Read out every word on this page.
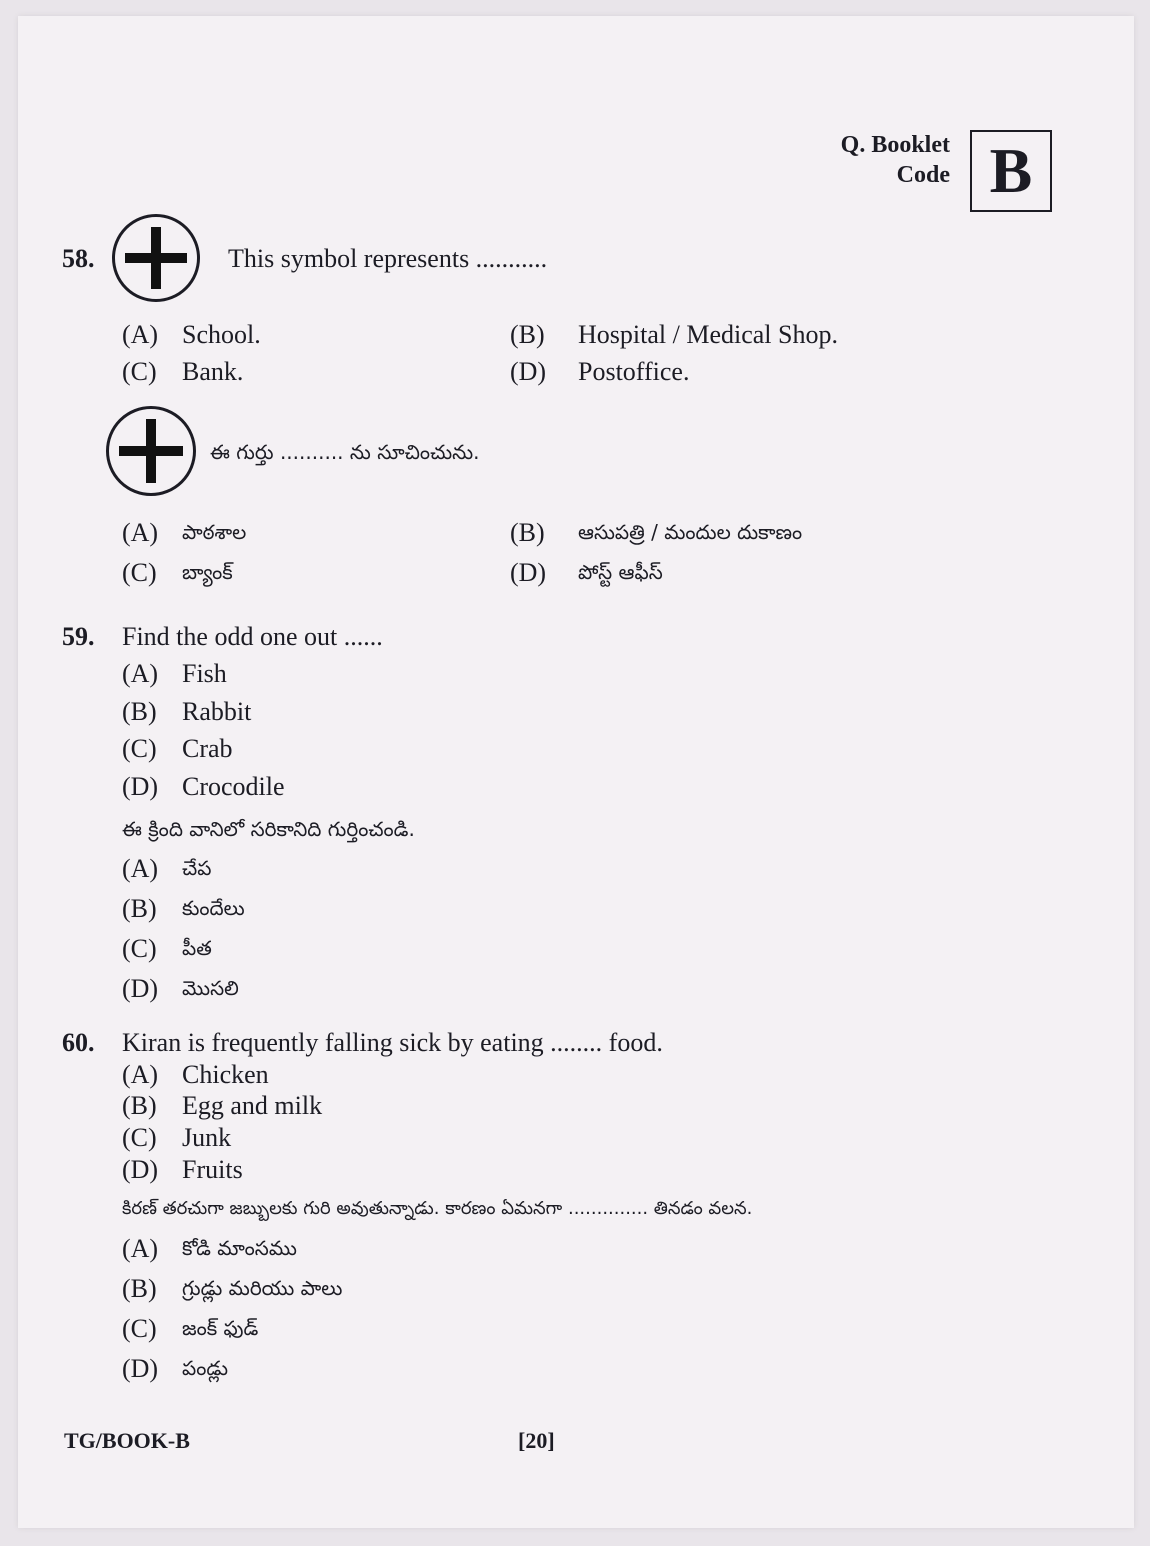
Q. Booklet
Code B
58.	This symbol represents ...........
(A) School.	(B) Hospital / Medical Shop.
(C) Bank.	(D) Postoffice.
ఈ గుర్తు .......... ను సూచించును.
(A) పాఠశాల	(B) ఆసుపత్రి / మందుల దుకాణం
(C) బ్యాంక్	(D) పోస్ట్ ఆఫీస్
59. Find the odd one out ......
(A) Fish
(B) Rabbit
(C) Crab
(D) Crocodile
ఈ క్రింది వానిలో సరికానిది గుర్తించండి.
(A) చేప
(B) కుందేలు
(C) పీత
(D) మొసలి
60. Kiran is frequently falling sick by eating ........ food.
(A) Chicken
(B) Egg and milk
(C) Junk
(D) Fruits
కిరణ్ తరచుగా జబ్బులకు గురి అవుతున్నాడు. కారణం ఏమనగా .............. తినడం వలన.
(A) కోడి మాంసము
(B) గ్రుడ్లు మరియు పాలు
(C) జంక్ ఫుడ్
(D) పండ్లు
TG/BOOK-B	[20]
